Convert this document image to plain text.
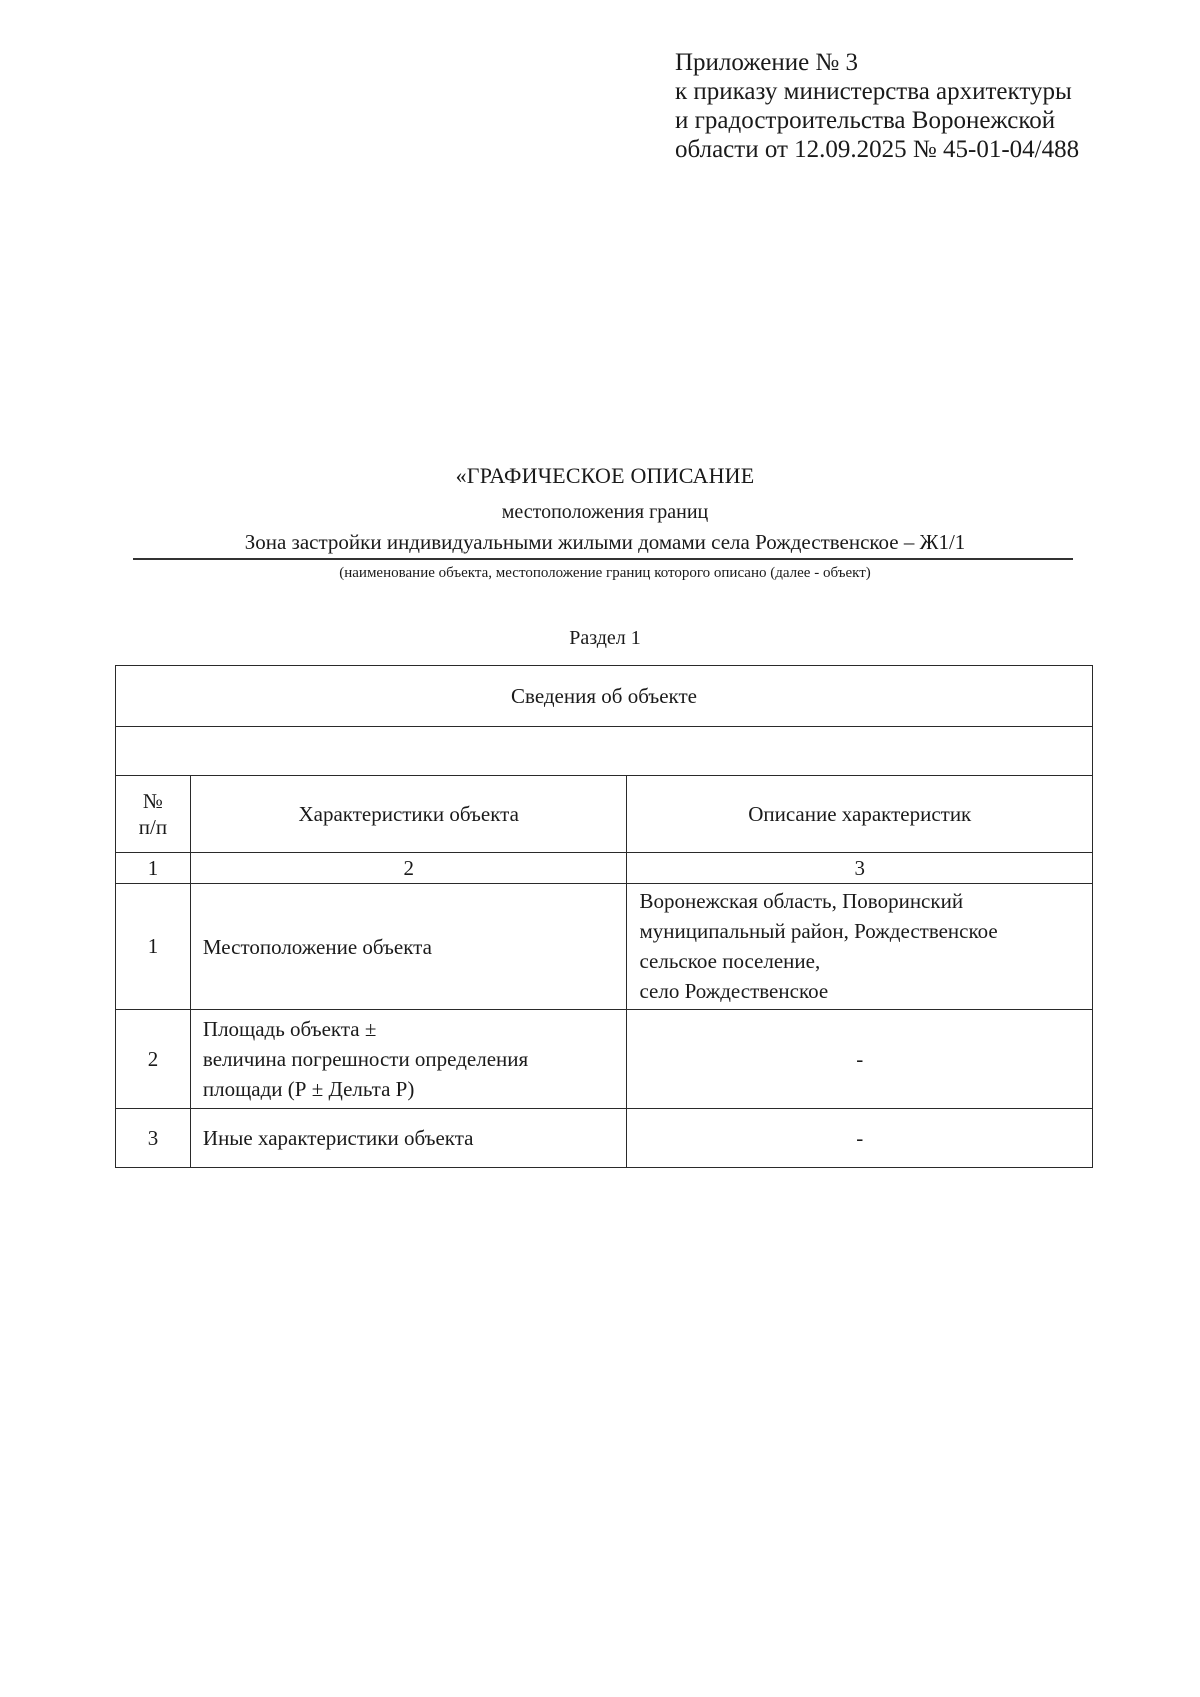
Приложение № 3
к приказу министерства архитектуры
и градостроительства Воронежской
области от 12.09.2025 № 45-01-04/488
«ГРАФИЧЕСКОЕ ОПИСАНИЕ
местоположения границ
Зона застройки индивидуальными жилыми домами села Рождественское – Ж1/1
(наименование объекта, местоположение границ которого описано (далее - объект)
Раздел 1
Сведения об объекте		

№
п/п	Характеристики объекта	Описание характеристик
1	2	3
1	Местоположение объекта	Воронежская область, Поворинский
муниципальный район, Рождественское
сельское поселение,
село Рождественское

2	Площадь объекта ±
величина погрешности определения
площади (Р ± Дельта Р)	-
3	Иные характеристики объекта	-
